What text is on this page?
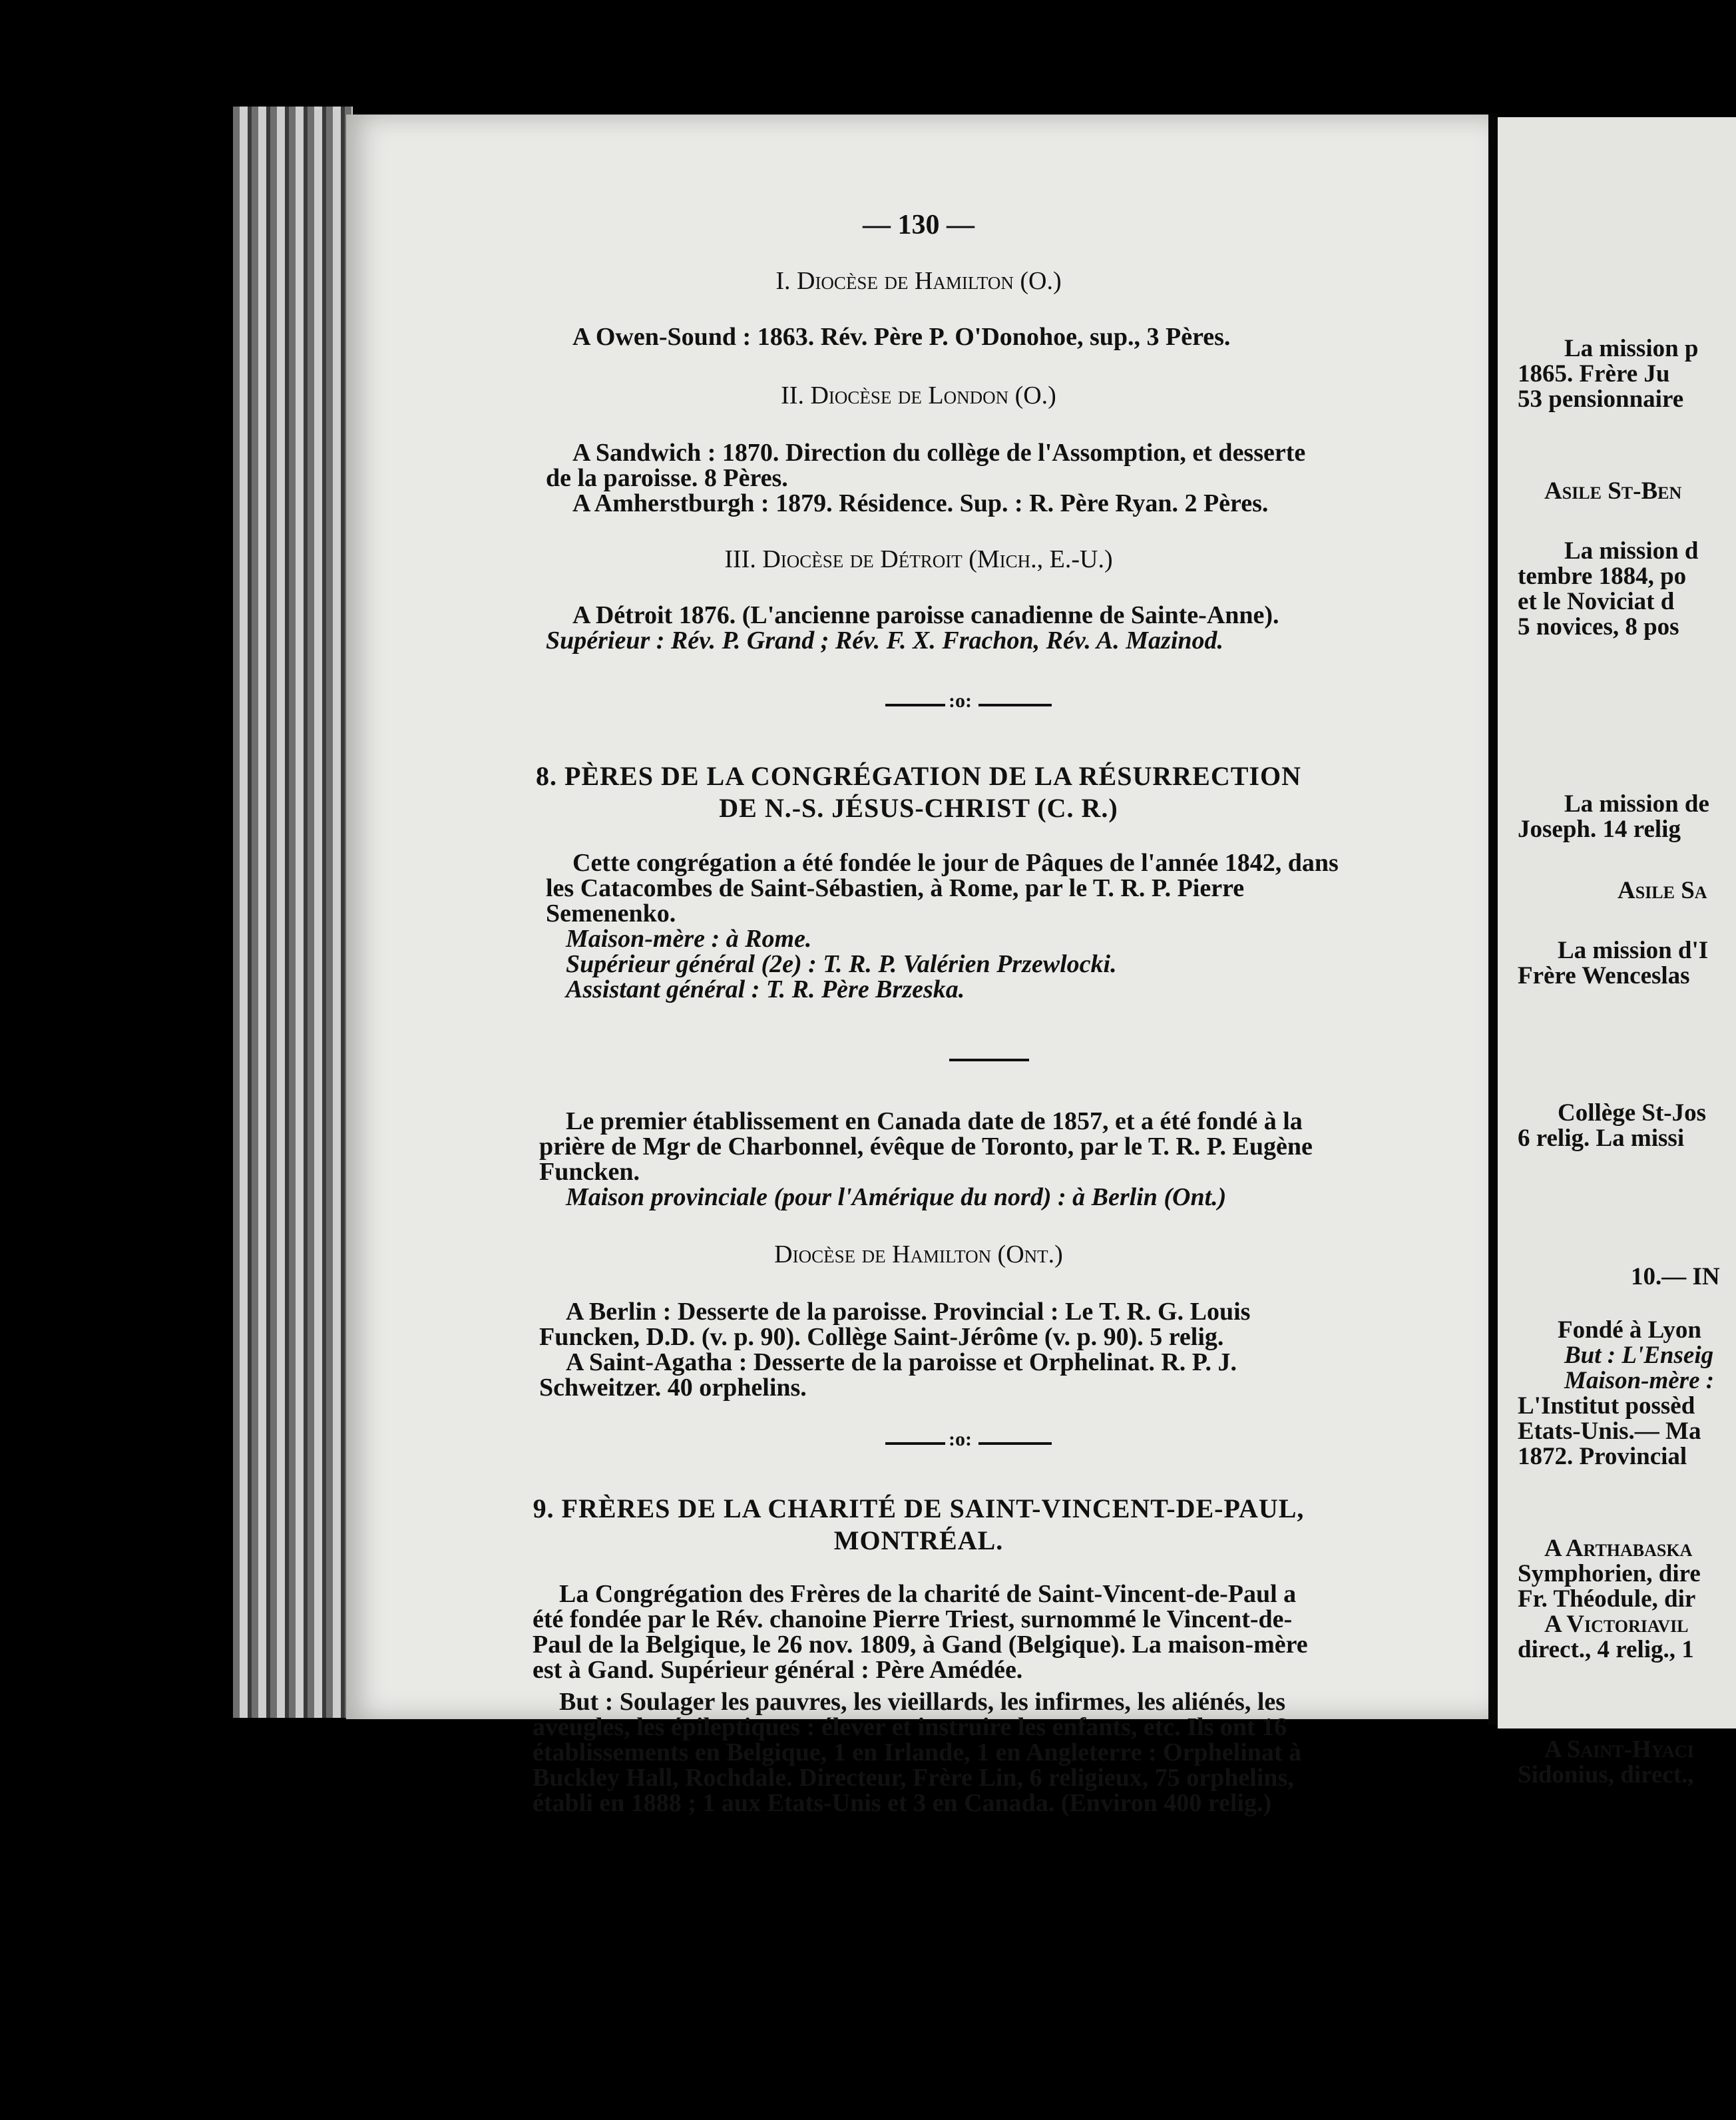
— 130 —
I. Diocèse de Hamilton (O.)
A Owen-Sound : 1863. Rév. Père P. O'Donohoe, sup., 3 Pères.
II. Diocèse de London (O.)
A Sandwich : 1870. Direction du collège de l'Assomption, et desserte
de la paroisse. 8 Pères.
A Amherstburgh : 1879. Résidence. Sup. : R. Père Ryan. 2 Pères.
III. Diocèse de Détroit (Mich., E.-U.)
A Détroit 1876. (L'ancienne paroisse canadienne de Sainte-Anne).
Supérieur : Rév. P. Grand ; Rév. F. X. Frachon, Rév. A. Mazinod.
:o:
8. PÈRES DE LA CONGRÉGATION DE LA RÉSURRECTION
DE N.-S. JÉSUS-CHRIST (C. R.)
Cette congrégation a été fondée le jour de Pâques de l'année 1842, dans
les Catacombes de Saint-Sébastien, à Rome, par le T. R. P. Pierre
Semenenko.
Maison-mère : à Rome.
Supérieur général (2e) : T. R. P. Valérien Przewlocki.
Assistant général : T. R. Père Brzeska.
Le premier établissement en Canada date de 1857, et a été fondé à la
prière de Mgr de Charbonnel, évêque de Toronto, par le T. R. P. Eugène
Funcken.
Maison provinciale (pour l'Amérique du nord) : à Berlin (Ont.)
Diocèse de Hamilton (Ont.)
A Berlin : Desserte de la paroisse. Provincial : Le T. R. G. Louis
Funcken, D.D. (v. p. 90). Collège Saint-Jérôme (v. p. 90). 5 relig.
A Saint-Agatha : Desserte de la paroisse et Orphelinat. R. P. J.
Schweitzer. 40 orphelins.
:o:
9. FRÈRES DE LA CHARITÉ DE SAINT-VINCENT-DE-PAUL,
MONTRÉAL.
La Congrégation des Frères de la charité de Saint-Vincent-de-Paul a
été fondée par le Rév. chanoine Pierre Triest, surnommé le Vincent-de-
Paul de la Belgique, le 26 nov. 1809, à Gand (Belgique). La maison-mère
est à Gand. Supérieur général : Père Amédée.
But : Soulager les pauvres, les vieillards, les infirmes, les aliénés, les
aveugles, les épileptiques : élever et instruire les enfants, etc. Ils ont 16
établissements en Belgique, 1 en Irlande, 1 en Angleterre : Orphelinat à
Buckley Hall, Rochdale. Directeur, Frère Lin, 6 religieux, 75 orphelins,
établi en 1888 ; 1 aux Etats-Unis et 3 en Canada. (Environ 400 relig.)
La mission p
1865. Frère Ju
53 pensionnaire
Asile St-Ben
La mission d
tembre 1884, po
et le Noviciat d
5 novices, 8 pos
La mission de
Joseph. 14 relig
Asile Sa
La mission d'I
Frère Wenceslas
Collège St-Jos
6 relig. La missi
10.— IN
Fondé à Lyon
But : L'Enseig
Maison-mère :
L'Institut possèd
Etats-Unis.— Ma
1872. Provincial
A Arthabaska
Symphorien, dire
Fr. Théodule, dir
A Victoriavil
direct., 4 relig., 1
A Saint-Hyaci
Sidonius, direct.,
